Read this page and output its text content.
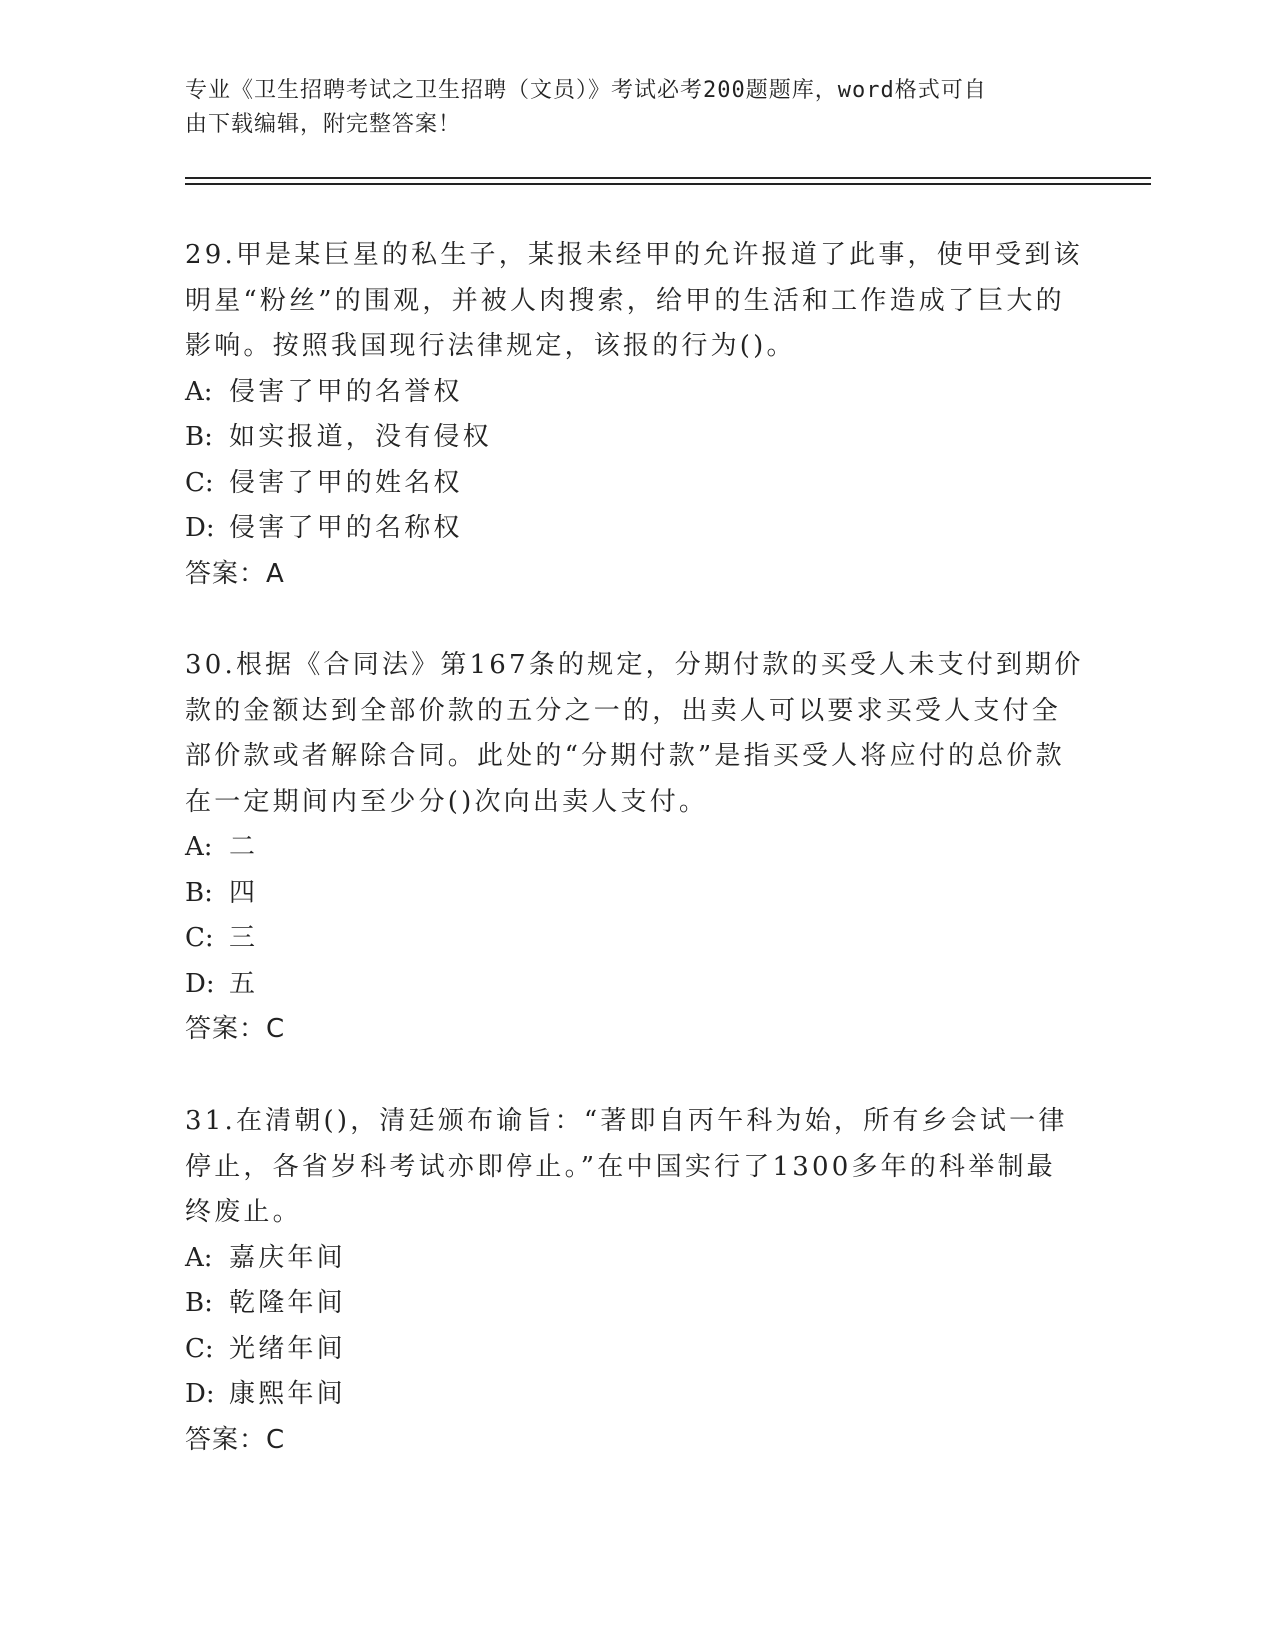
专业《卫生招聘考试之卫生招聘（文员）》考试必考200题题库，word格式可自
由下载编辑，附完整答案！

29.甲是某巨星的私生子，某报未经甲的允许报道了此事，使甲受到该明星“粉丝”的围观，并被人肉搜索，给甲的生活和工作造成了巨大的影响。按照我国现行法律规定，该报的行为()。

A: 侵害了甲的名誉权

B: 如实报道，没有侵权

C: 侵害了甲的姓名权

D: 侵害了甲的名称权

答案：A

30.根据《合同法》第167条的规定，分期付款的买受人未支付到期价款的金额达到全部价款的五分之一的，出卖人可以要求买受人支付全部价款或者解除合同。此处的“分期付款”是指买受人将应付的总价款在一定期间内至少分()次向出卖人支付。

A: 二

B: 四

C: 三

D: 五

答案：C

31.在清朝()，清廷颁布谕旨：“著即自丙午科为始，所有乡会试一律停止，各省岁科考试亦即停止。”在中国实行了1300多年的科举制最终废止。

A: 嘉庆年间

B: 乾隆年间

C: 光绪年间

D: 康熙年间

答案：C
